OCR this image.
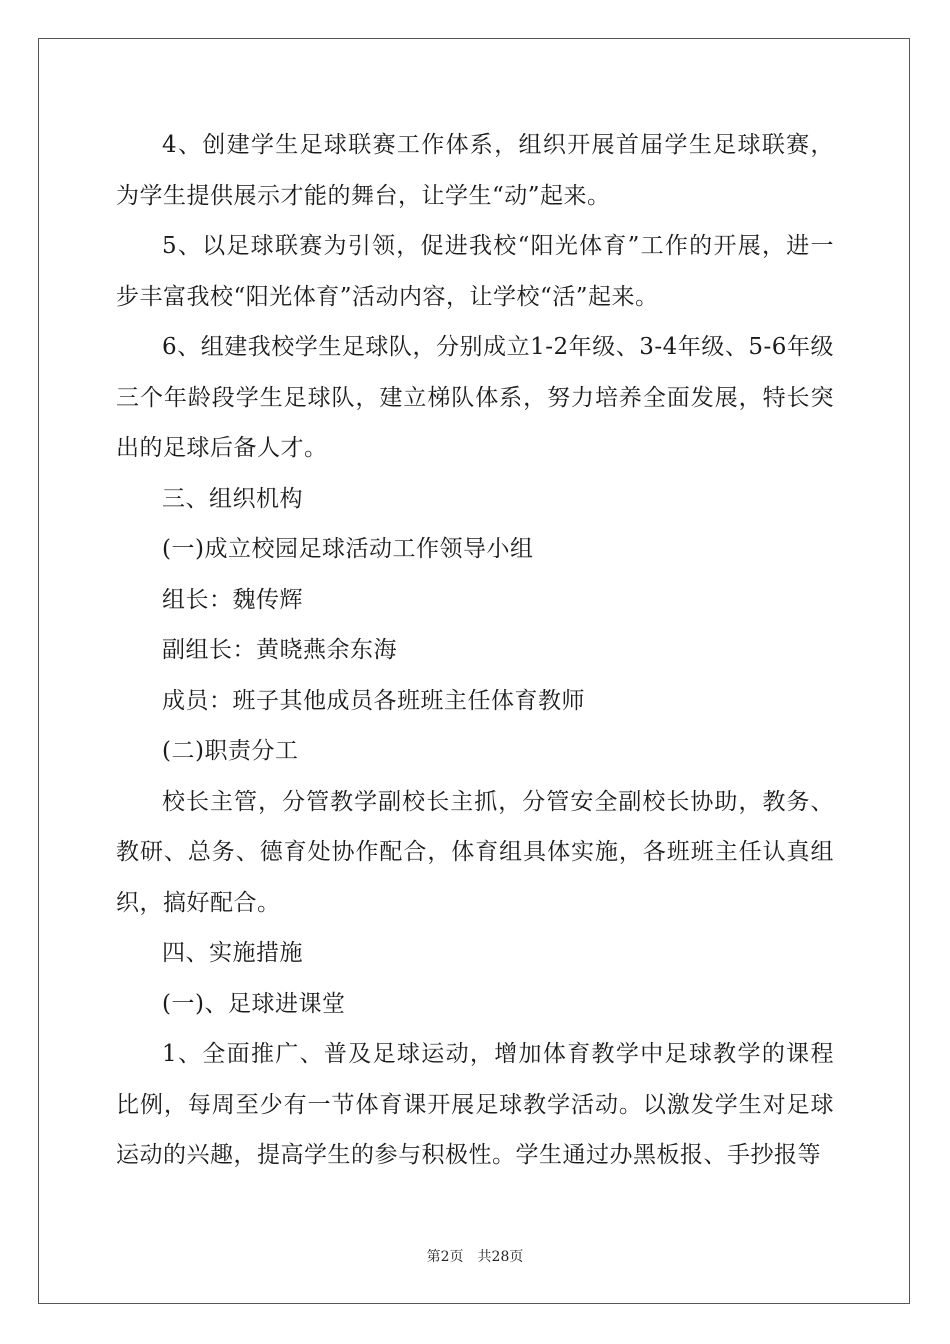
4、创建学生足球联赛工作体系，组织开展首届学生足球联赛，为学生提供展示才能的舞台，让学生“动”起来。

5、以足球联赛为引领，促进我校“阳光体育”工作的开展，进一步丰富我校“阳光体育”活动内容，让学校“活”起来。

6、组建我校学生足球队，分别成立1-2年级、3-4年级、5-6年级三个年龄段学生足球队，建立梯队体系，努力培养全面发展，特长突出的足球后备人才。

三、组织机构

(一)成立校园足球活动工作领导小组

组长：魏传辉

副组长：黄晓燕余东海

成员：班子其他成员各班班主任体育教师

(二)职责分工

校长主管，分管教学副校长主抓，分管安全副校长协助，教务、教研、总务、德育处协作配合，体育组具体实施，各班班主任认真组织，搞好配合。

四、实施措施

(一)、足球进课堂

1、全面推广、普及足球运动，增加体育教学中足球教学的课程比例，每周至少有一节体育课开展足球教学活动。以激发学生对足球运动的兴趣，提高学生的参与积极性。学生通过办黑板报、手抄报等

第2页 共28页
